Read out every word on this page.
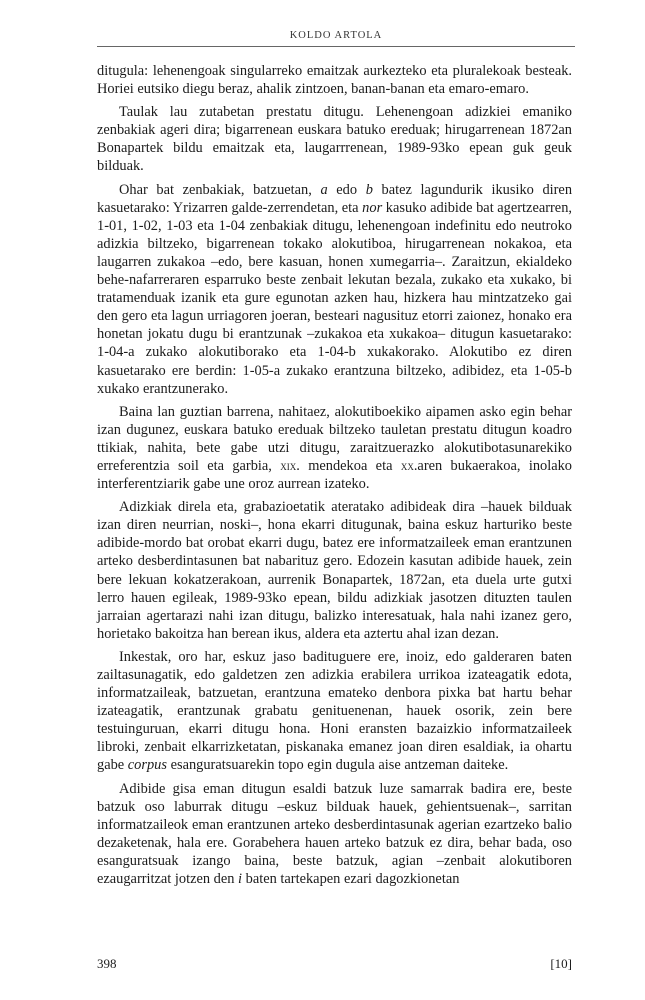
KOLDO ARTOLA

ditugula: lehenengoak singularreko emaitzak aurkezteko eta pluralekoak besteak. Horiei eutsiko diegu beraz, ahalik zintzoen, banan-banan eta emaro-emaro.

Taulak lau zutabetan prestatu ditugu. Lehenengoan adizkiei emaniko zenbakiak ageri dira; bigarrenean euskara batuko ereduak; hirugarrenean 1872an Bonapartek bildu emaitzak eta, laugarrrenean, 1989-93ko epean guk geuk bilduak.

Ohar bat zenbakiak, batzuetan, a edo b batez lagundurik ikusiko diren kasuetarako: Yrizarren galde-zerrendetan, eta nor kasuko adibide bat agertzearren, 1-01, 1-02, 1-03 eta 1-04 zenbakiak ditugu, lehenengoan indefinitu edo neutroko adizkia biltzeko, bigarrenean tokako alokutiboa, hirugarrenean nokakoa, eta laugarren zukakoa –edo, bere kasuan, honen xumegarria–. Zaraitzun, ekialdeko behe-nafarreraren esparruko beste zenbait lekutan bezala, zukako eta xukako, bi tratamenduak izanik eta gure egunotan azken hau, hizkera hau mintzatzeko gai den gero eta lagun urriagoren joeran, besteari nagusituz etorri zaionez, honako era honetan jokatu dugu bi erantzunak –zukakoa eta xukakoa– ditugun kasuetarako: 1-04-a zukako alokutiborako eta 1-04-b xukakorako. Alokutibo ez diren kasuetarako ere berdin: 1-05-a zukako erantzuna biltzeko, adibidez, eta 1-05-b xukako erantzunerako.

Baina lan guztian barrena, nahitaez, alokutiboekiko aipamen asko egin behar izan dugunez, euskara batuko ereduak biltzeko tauletan prestatu ditugun koadro ttikiak, nahita, bete gabe utzi ditugu, zaraitzuerazko alokutibotasunarekiko erreferentzia soil eta garbia, xix. mendekoa eta xx.aren bukaerakoa, inolako interferentziarik gabe une oroz aurrean izateko.

Adizkiak direla eta, grabazioetatik ateratako adibideak dira –hauek bilduak izan diren neurrian, noski–, hona ekarri ditugunak, baina eskuz harturiko beste adibide-mordo bat orobat ekarri dugu, batez ere informatzaileek eman erantzunen arteko desberdintasunen bat nabarituz gero. Edozein kasutan adibide hauek, zein bere lekuan kokatzerakoan, aurrenik Bonapartek, 1872an, eta duela urte gutxi lerro hauen egileak, 1989-93ko epean, bildu adizkiak jasotzen dituzten taulen jarraian agertarazi nahi izan ditugu, balizko interesatuak, hala nahi izanez gero, horietako bakoitza han berean ikus, aldera eta aztertu ahal izan dezan.

Inkestak, oro har, eskuz jaso badituguere ere, inoiz, edo galderaren baten zailtasunagatik, edo galdetzen zen adizkia erabilera urrikoa izateagatik edota, informatzaileak, batzuetan, erantzuna emateko denbora pixka bat hartu behar izateagatik, erantzunak grabatu genituenenan, hauek osorik, zein bere testuinguruan, ekarri ditugu hona. Honi eransten bazaizkio informatzaileek libroki, zenbait elkarrizketatan, piskanaka emanez joan diren esaldiak, ia ohartu gabe corpus esanguratsuarekin topo egin dugula aise antzeman daiteke.

Adibide gisa eman ditugun esaldi batzuk luze samarrak badira ere, beste batzuk oso laburrak ditugu –eskuz bilduak hauek, gehientsuenak–, sarritan informatzaileok eman erantzunen arteko desberdintasunak agerian ezartzeko balio dezaketenak, hala ere. Gorabehera hauen arteko batzuk ez dira, behar bada, oso esanguratsuak izango baina, beste batzuk, agian –zenbait alokutiboren ezaugarritzat jotzen den i baten tartekapen ezari dagozkionetan

398	[10]
